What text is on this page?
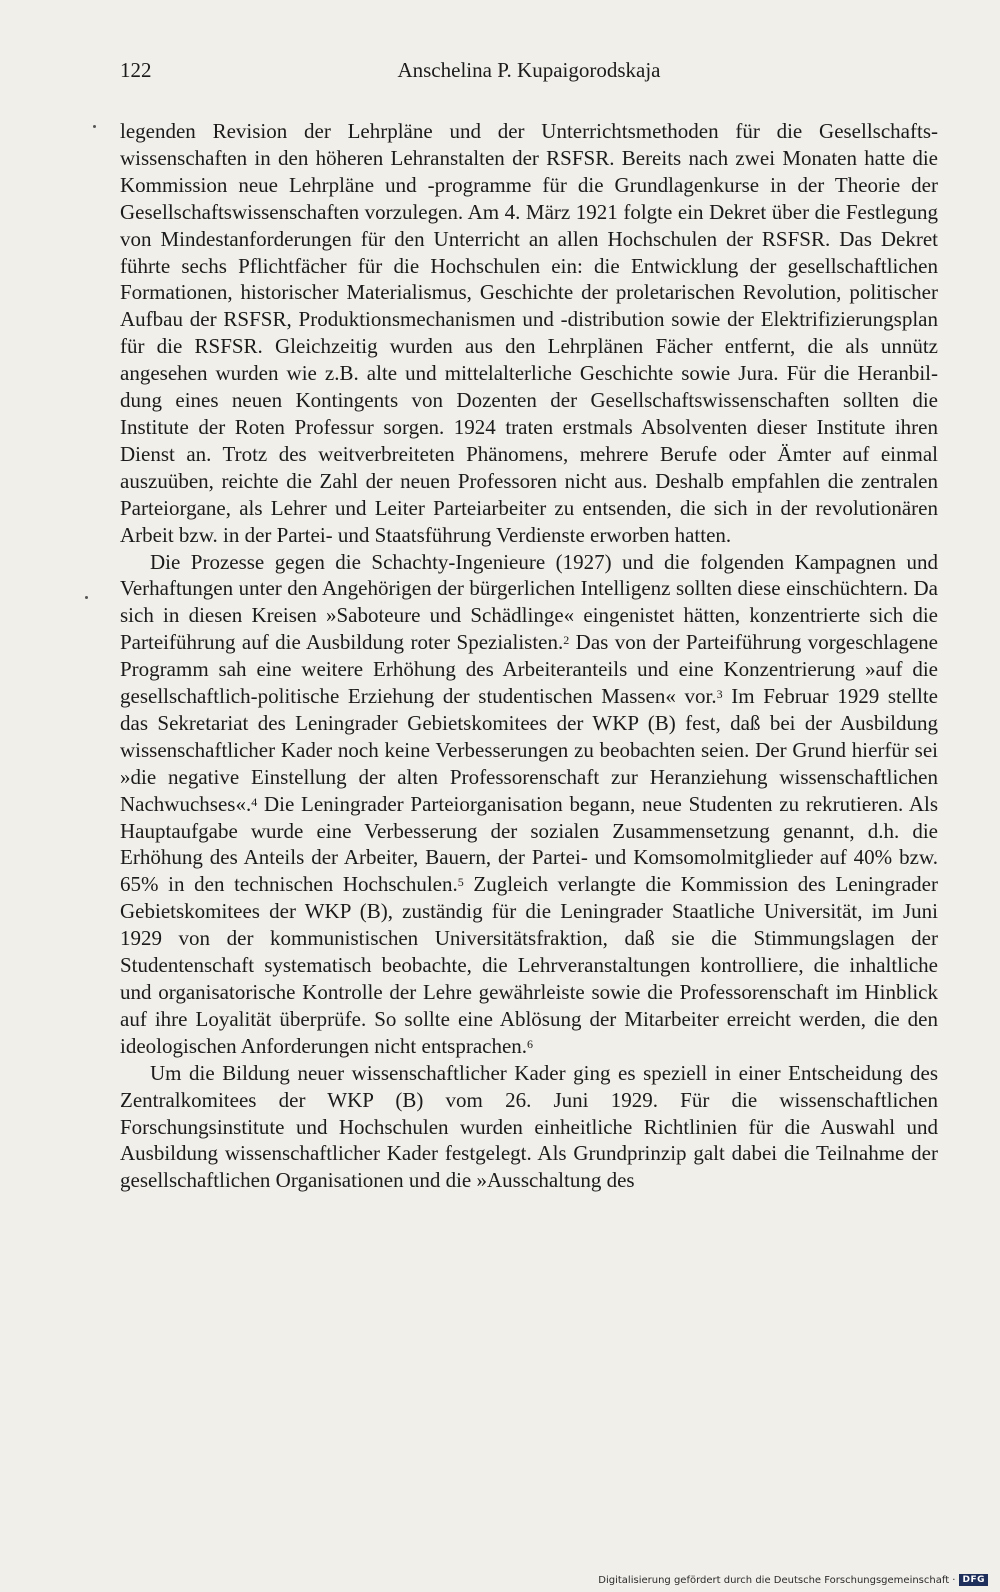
122	Anschelina P. Kupaigorodskaja

legenden Revision der Lehrpläne und der Unterrichtsmethoden für die Gesellschaftswissenschaften in den höheren Lehranstalten der RSFSR. Bereits nach zwei Monaten hatte die Kommission neue Lehrpläne und -programme für die Grundlagenkurse in der Theorie der Gesellschaftswissenschaften vorzulegen. Am 4. März 1921 folgte ein Dekret über die Festlegung von Mindestanforderungen für den Unterricht an allen Hochschulen der RSFSR. Das Dekret führte sechs Pflichtfächer für die Hochschulen ein: die Entwicklung der gesellschaftlichen Formationen, historischer Materialismus, Geschichte der proletarischen Revolution, politischer Aufbau der RSFSR, Produktionsmechanismen und -distribution sowie der Elektrifizierungsplan für die RSFSR. Gleichzeitig wurden aus den Lehrplänen Fächer entfernt, die als unnütz angesehen wurden wie z.B. alte und mittelalterliche Geschichte sowie Jura. Für die Heranbildung eines neuen Kontingents von Dozenten der Gesellschaftswissenschaften sollten die Institute der Roten Professur sorgen. 1924 traten erstmals Absolventen dieser Institute ihren Dienst an. Trotz des weitverbreiteten Phänomens, mehrere Berufe oder Ämter auf einmal auszuüben, reichte die Zahl der neuen Professoren nicht aus. Deshalb empfahlen die zentralen Parteiorgane, als Lehrer und Leiter Parteiarbeiter zu entsenden, die sich in der revolutionären Arbeit bzw. in der Partei- und Staatsführung Verdienste erworben hatten.

Die Prozesse gegen die Schachty-Ingenieure (1927) und die folgenden Kampagnen und Verhaftungen unter den Angehörigen der bürgerlichen Intelligenz sollten diese einschüchtern. Da sich in diesen Kreisen »Saboteure und Schädlinge« eingenistet hätten, konzentrierte sich die Parteiführung auf die Ausbildung roter Spezialisten.$^2$ Das von der Parteiführung vorgeschlagene Programm sah eine weitere Erhöhung des Arbeiteranteils und eine Konzentrierung »auf die gesellschaftlich-politische Erziehung der studentischen Massen« vor.$^3$ Im Februar 1929 stellte das Sekretariat des Leningrader Gebietskomitees der WKP (B) fest, daß bei der Ausbildung wissenschaftlicher Kader noch keine Verbesserungen zu beobachten seien. Der Grund hierfür sei »die negative Einstellung der alten Professorenschaft zur Heranziehung wissenschaftlichen Nachwuchses«.$^4$ Die Leningrader Parteiorganisation begann, neue Studenten zu rekrutieren. Als Hauptaufgabe wurde eine Verbesserung der sozialen Zusammensetzung genannt, d.h. die Erhöhung des Anteils der Arbeiter, Bauern, der Partei- und Komsomolmitglieder auf 40% bzw. 65% in den technischen Hochschulen.$^5$ Zugleich verlangte die Kommission des Leningrader Gebietskomitees der WKP (B), zuständig für die Leningrader Staatliche Universität, im Juni 1929 von der kommunistischen Universitätsfraktion, daß sie die Stimmungslagen der Studentenschaft systematisch beobachte, die Lehrveranstaltungen kontrolliere, die inhaltliche und organisatorische Kontrolle der Lehre gewährleiste sowie die Professorenschaft im Hinblick auf ihre Loyalität überprüfe. So sollte eine Ablösung der Mitarbeiter erreicht werden, die den ideologischen Anforderungen nicht entsprachen.$^6$

Um die Bildung neuer wissenschaftlicher Kader ging es speziell in einer Entscheidung des Zentralkomitees der WKP (B) vom 26. Juni 1929. Für die wissenschaftlichen Forschungsinstitute und Hochschulen wurden einheitliche Richtlinien für die Auswahl und Ausbildung wissenschaftlicher Kader festgelegt. Als Grundprinzip galt dabei die Teilnahme der gesellschaftlichen Organisationen und die »Ausschaltung des

Digitalisierung gefördert durch die Deutsche Forschungsgemeinschaft · DFG
